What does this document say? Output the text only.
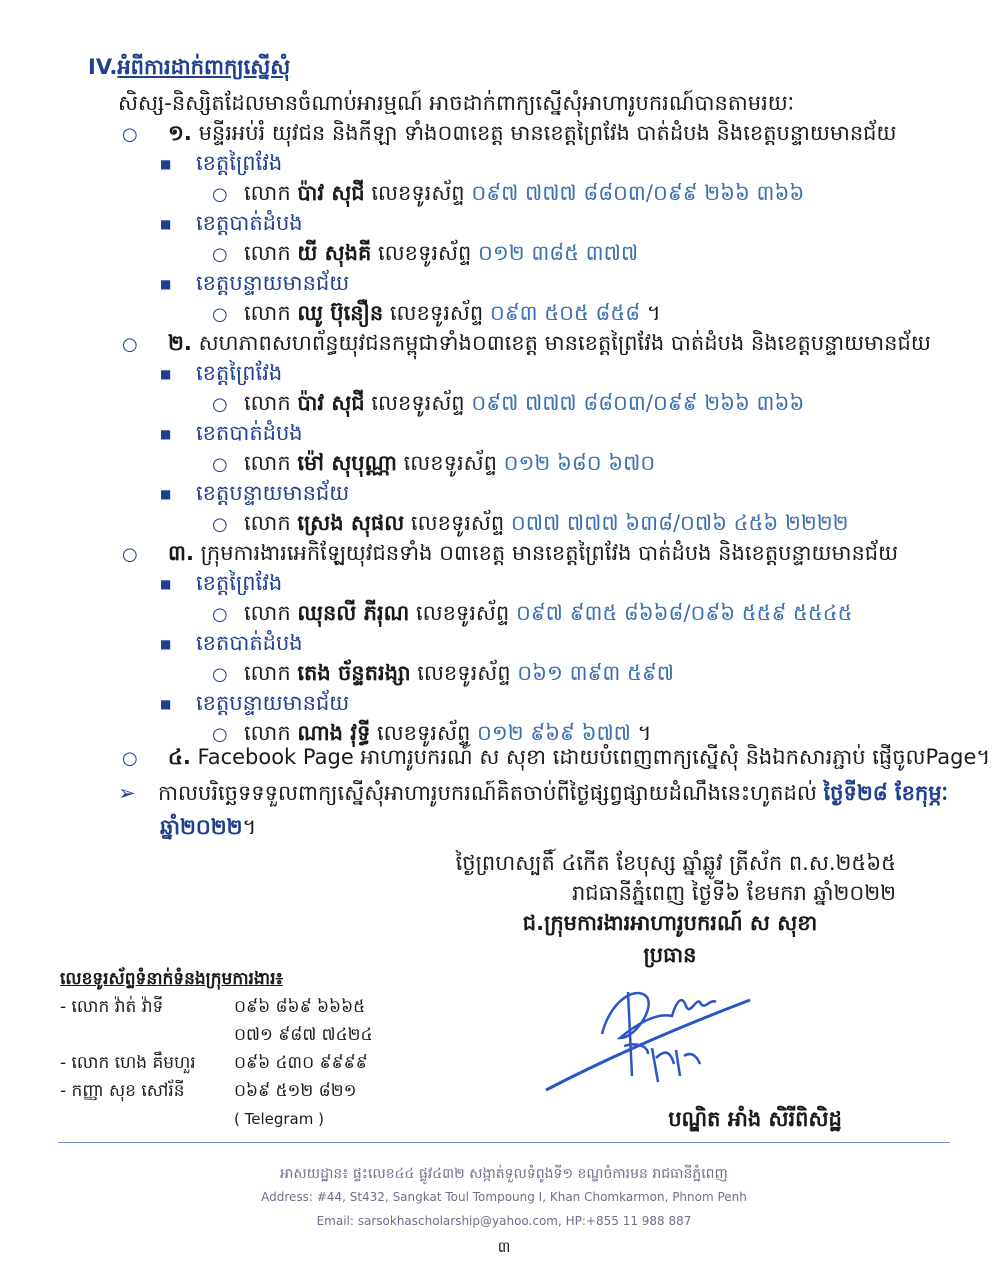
IV.អំពីការដាក់ពាក្យស្នើសុំ
សិស្ស-និស្សិតដែលមានចំណាប់អារម្មណ៍ អាចដាក់ពាក្យស្នើសុំអាហារូបករណ៍បានតាមរយៈ
○ ១. មន្ទីរអប់រំ យុវជន និងកីឡា ទាំង០៣ខេត្ត មានខេត្តព្រៃវែង បាត់ដំបង និងខេត្តបន្ទាយមានជ័យ
■ ខេត្តព្រៃវែង
○ លោក ប៉ាវ សុជី លេខទូរស័ព្ទ ០៩៧ ៧៧៧ ៨៨០៣/០៩៩ ២៦៦ ៣៦៦
■ ខេត្តបាត់ដំបង
○ លោក យី សុងគី លេខទូរស័ព្ទ ០១២ ៣៨៥ ៣៧៧
■ ខេត្តបន្ទាយមានជ័យ
○ លោក ឈូ ប៊ុនឿន លេខទូរស័ព្ទ ០៩៣ ៥០៥ ៨៥៨ ។
○ ២. សហភាពសហព័ន្ធយុវជនកម្ពុជាទាំង០៣ខេត្ត មានខេត្តព្រៃវែង បាត់ដំបង និងខេត្តបន្ទាយមានជ័យ
■ ខេត្តព្រៃវែង
○ លោក ប៉ាវ សុជី លេខទូរស័ព្ទ ០៩៧ ៧៧៧ ៨៨០៣/០៩៩ ២៦៦ ៣៦៦
■ ខេតបាត់ដំបង
○ លោក ម៉ៅ សុបុណ្ណា លេខទូរស័ព្ទ ០១២ ៦៨០ ៦៧០
■ ខេត្តបន្ទាយមានជ័យ
○ លោក ស្រេង សុផល លេខទូរស័ព្ទ ០៧៧ ៧៧៧ ៦៣៨/០៧៦ ៤៥៦ ២២២២
○ ៣. ក្រុមការងារអេកិឡ្លែយុវជនទាំង ០៣ខេត្ត មានខេត្តព្រៃវែង បាត់ដំបង និងខេត្តបន្ទាយមានជ័យ
■ ខេត្តព្រៃវែង
○ លោក ឈុនលី ភីរុណ លេខទូរស័ព្ទ ០៩៧ ៩៣៥ ៨៦៦៨/០៩៦ ៥៥៩ ៥៥៤៥
■ ខេតបាត់ដំបង
○ លោក តេង ច័ន្ទតរង្សា លេខទូរស័ព្ទ ០៦១ ៣៩៣ ៥៩៧
■ ខេត្តបន្ទាយមានជ័យ
○ លោក ណាង វុទ្ធី លេខទូរស័ព្ទ ០១២ ៩៦៩ ៦៧៧ ។
○ ៤. Facebook Page អាហារូបករណ៍ ស សុខា ដោយបំពេញពាក្យស្នើសុំ និងឯកសារភ្ជាប់ ផ្ញើចូលPage។
➢ កាលបរិច្ឆេទទទួលពាក្យស្នើសុំអាហារូបករណ៍គិតចាប់ពីថ្ងៃផ្សព្វផ្សាយដំណឹងនេះហូតដល់ ថ្ងៃទី២៨ ខែកុម្ភៈ
ឆ្នាំ២០២២។
ថ្ងៃព្រហស្បតិ៍ ៤កើត ខែបុស្ស ឆ្នាំឆ្លូវ ត្រីស័ក ព.ស.២៥៦៥
រាជធានីភ្នំពេញ ថ្ងៃទី៦ ខែមករា ឆ្នាំ២០២២
ជ.ក្រុមការងារអាហារូបករណ៍ ស សុខា
ប្រធាន
បណ្ឌិត អាំង សិរីពិសិដ្ឋ
លេខទូរស័ព្ទទំនាក់ទំនងក្រុមការងារ៖
- លោក វ៉ាត់ វ៉ាទី	០៩៦ ៨៦៩ ៦៦៦៥
០៧១ ៩៨៧ ៧៤២៤
- លោក ហេង គឹមហួរ ០៩៦ ៤៣០ ៩៩៩៩
- កញ្ញា សុខ សៅរ័នី	០៦៩ ៥១២ ៨២១
( Telegram )
អាសយដ្ឋាន៖ ផ្ទះលេខ៤៤ ផ្លូវ៤៣២ សង្កាត់ទួលទំពូងទី១ ខណ្ឌចំការមន រាជធានីភ្នំពេញ
Address: #44, St432, Sangkat Toul Tompoung I, Khan Chomkarmon, Phnom Penh
Email: sarsokhascholarship@yahoo.com, HP:+855 11 988 887
៣
